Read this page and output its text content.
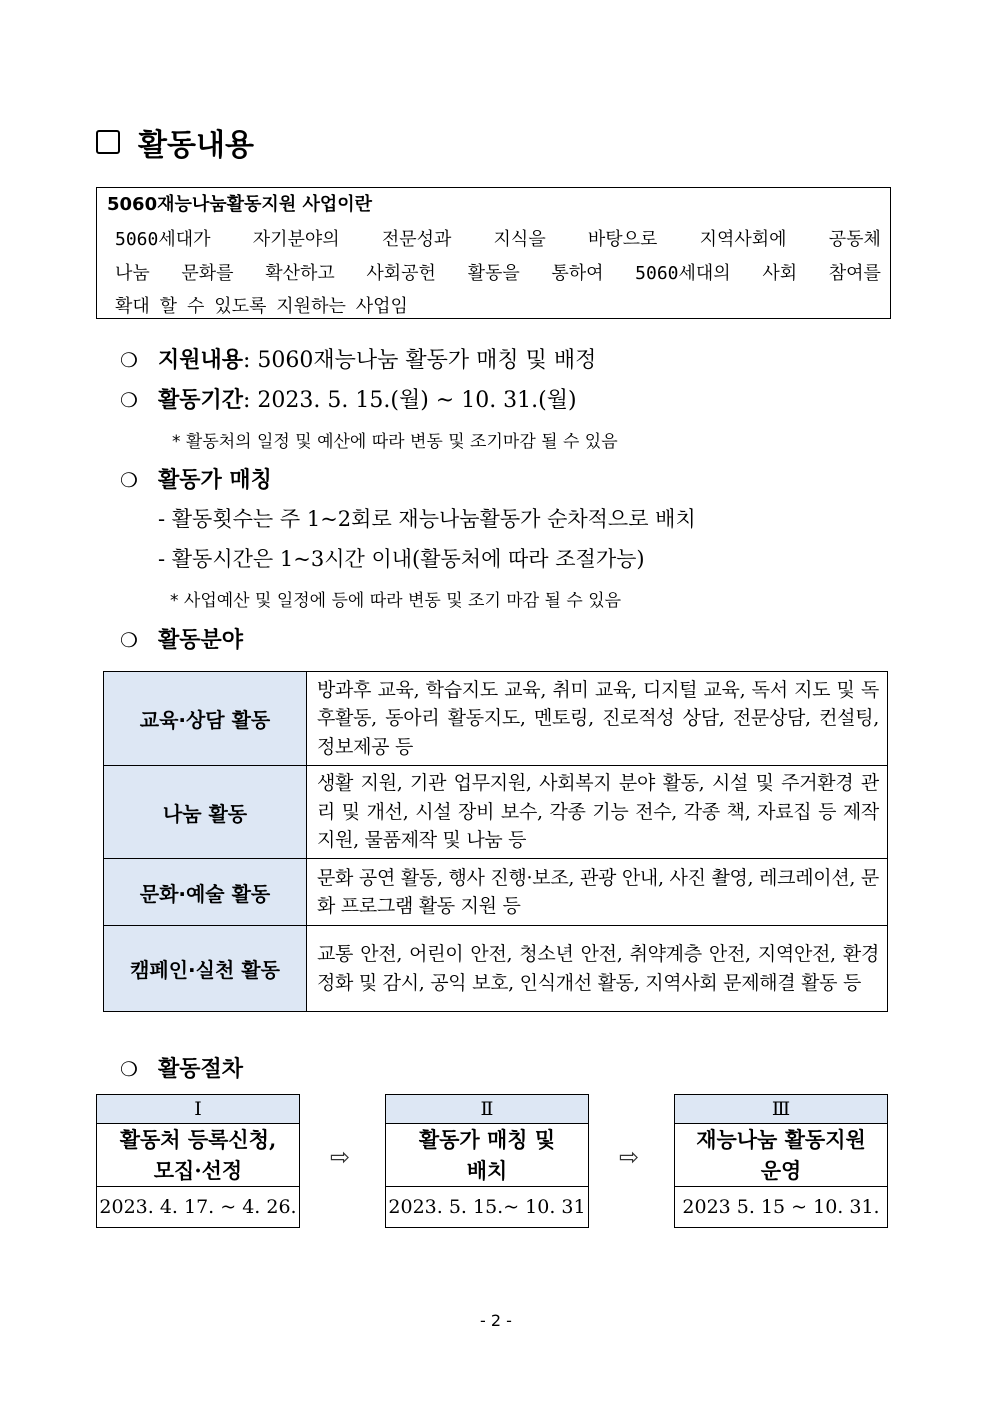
활동내용
5060재능나눔활동지원 사업이란
5060세대가 자기분야의 전문성과 지식을 바탕으로 지역사회에 공동체
나눔 문화를 확산하고 사회공헌 활동을 통하여 5060세대의 사회 참여를
확대 할 수 있도록 지원하는 사업임
❍ 지원내용 : 5060재능나눔 활동가 매칭 및 배정
❍ 활동기간 : 2023. 5. 15.(월) ~ 10. 31.(월)
* 활동처의 일정 및 예산에 따라 변동 및 조기마감 될 수 있음
❍ 활동가 매칭
- 활동횟수는 주 1~2회로 재능나눔활동가 순차적으로 배치
- 활동시간은 1~3시간 이내(활동처에 따라 조절가능)
* 사업예산 및 일정에 등에 따라 변동 및 조기 마감 될 수 있음
❍ 활동분야
교육·상담 활동	방과후 교육, 학습지도 교육, 취미 교육, 디지털 교육, 독서 지도 및 독후활동, 동아리 활동지도, 멘토링, 진로적성 상담, 전문상담, 컨설팅, 정보제공 등
나눔 활동	생활 지원, 기관 업무지원, 사회복지 분야 활동, 시설 및 주거환경 관리 및 개선, 시설 장비 보수, 각종 기능 전수, 각종 책, 자료집 등 제작 지원, 물품제작 및 나눔 등
문화·예술 활동	문화 공연 활동, 행사 진행·보조, 관광 안내, 사진 촬영, 레크레이션, 문화 프로그램 활동 지원 등
캠페인·실천 활동	교통 안전, 어린이 안전, 청소년 안전, 취약계층 안전, 지역안전, 환경정화 및 감시, 공익 보호, 인식개선 활동, 지역사회 문제해결 활동 등
❍ 활동절차
Ⅰ
활동처 등록신청,
모집·선정
2023. 4. 17. ~ 4. 26.
⇨
Ⅱ
활동가 매칭 및
배치
2023. 5. 15.~ 10. 31
⇨
Ⅲ
재능나눔 활동지원
운영
2023 5. 15 ~ 10. 31.
- 2 -
